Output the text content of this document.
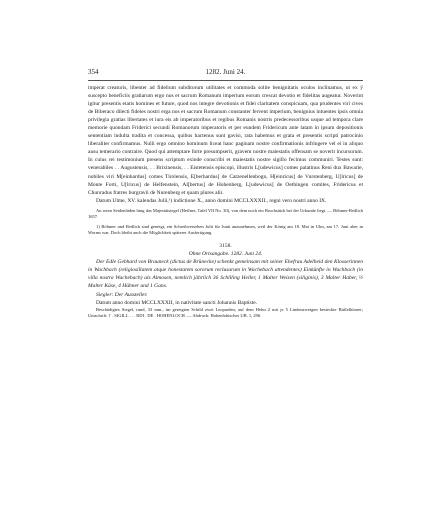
354	1282. Juni 24.

imperat creaturis, libenter ad fidelium subditorum utilitates et commoda solite benignitatis oculos inclinamus, ut ex ÿ suscepto beneficiis gratiarum ergo nos et sacrum Romanum imperium eorum crescat devotio et fidelitas augeatur. Noverint igitur presentis etatis homines et future, quod nos integre devotionis et fidei claritatem conspicuam, qua prudentes viri cives de Biberaco dilecti fideles nostri erga nos et sacrum Romanum constanter fervent imperium, benignius intuentes ipsis omnia privilegia gratias libertates et iura eis ab imperatoribus et regibus Romanis nostris predecessoribus usque ad tempora clare memorie quondam Friderici secundi Romanorum imperatoris et per eundem Fridericum ante latam in ipsum depositionis sententiam indulta tradita et concessa, quibus hactenus sunt gavisi, rata habemus et grata et presentis scripti patrocinio liberaliter confirmamus. Nulli ergo omnino hominum liceat hanc paginam nostre confirmationis infringere vel ei in aliquo ausu temerario contraire. Quod qui attemptare forte presumpserit, gravem nostre maiestatis offensam se noverit incursurum. In cuius rei testimonium presens scriptum exinde conscribi et maiestatis nostre sigillo fecimus communiri. Testes sunt: venerabiles . . Augustensis, . . Brixinensis, . . Eistetensis episcopi, illustris L[udewicus] comes palatinus Reni dux Bawarie, nobiles viri M[einhardus] comes Tirolensis, E[berhardus] de Catzenellenbogn, H[einricus] de Vurstenberg, U[lricus] de Monte Forti, U[lricus] de Helfenstein, Al[bertus] de Hohenberg, L[udewicus] de Oethingen comites, Fridericus et Chunradus fratres burgravii de Nurenberg et quam plures alii.

Datum Ulme, XV. kalendas Julii,¹) indictione X., anno domini MCCLXXXII., regni vero nostri anno IX.

An roten Seidenfäden hing das Majestätsiegel (Heffner, Tafel VII No. 30), von dem noch ein Bruchstück bei der Urkunde liegt. — Böhmer-Redlich 1657.

1) Böhmer und Redlich sind geneigt, ein Schreibversehen Julii für Junii anzunehmen, weil der König am 18. Mai in Ulm, am 17. Juni aber in Worms war. Doch bleibt auch die Möglichkeit späterer Ausfertigung.

3158.

Ohne Ortsangabe. 1282. Juni 24.

Der Edle Gebhard von Brauneck (dictus de Brünecke) schenkt gemeinsam mit seiner Ehefrau Adelheid den Klosserinnen in Wachbach (religiosillatem atque honestatem sororum reclusarum in Wachebach attendentes) Einkünfte in Wachbach (in villa nostra Wachebach) als Almosen, nemlich jährlich 36 Schilling Heller, 1 Malter Weizen (siliginis), 3 Malter Haber, ½ Malter Käse, 4 Hühner und 1 Gans.

Siegler: Der Aussteller.

Datum anno domini MCCLXXXII, in nativitate sancti Johannis Baptiste.

Beschädigtes Siegel, rund, 33 mm., im gereigten Schild zwei Leoparden, auf dem Helm 2 mit je 5 Lindenzweigen besteckte Büffelhörner; Umschrift: † . SIGILL . . . RDI . DE . HOHENLOCH. — Abdruck: Hohenlohisches UB. 1, 296.
